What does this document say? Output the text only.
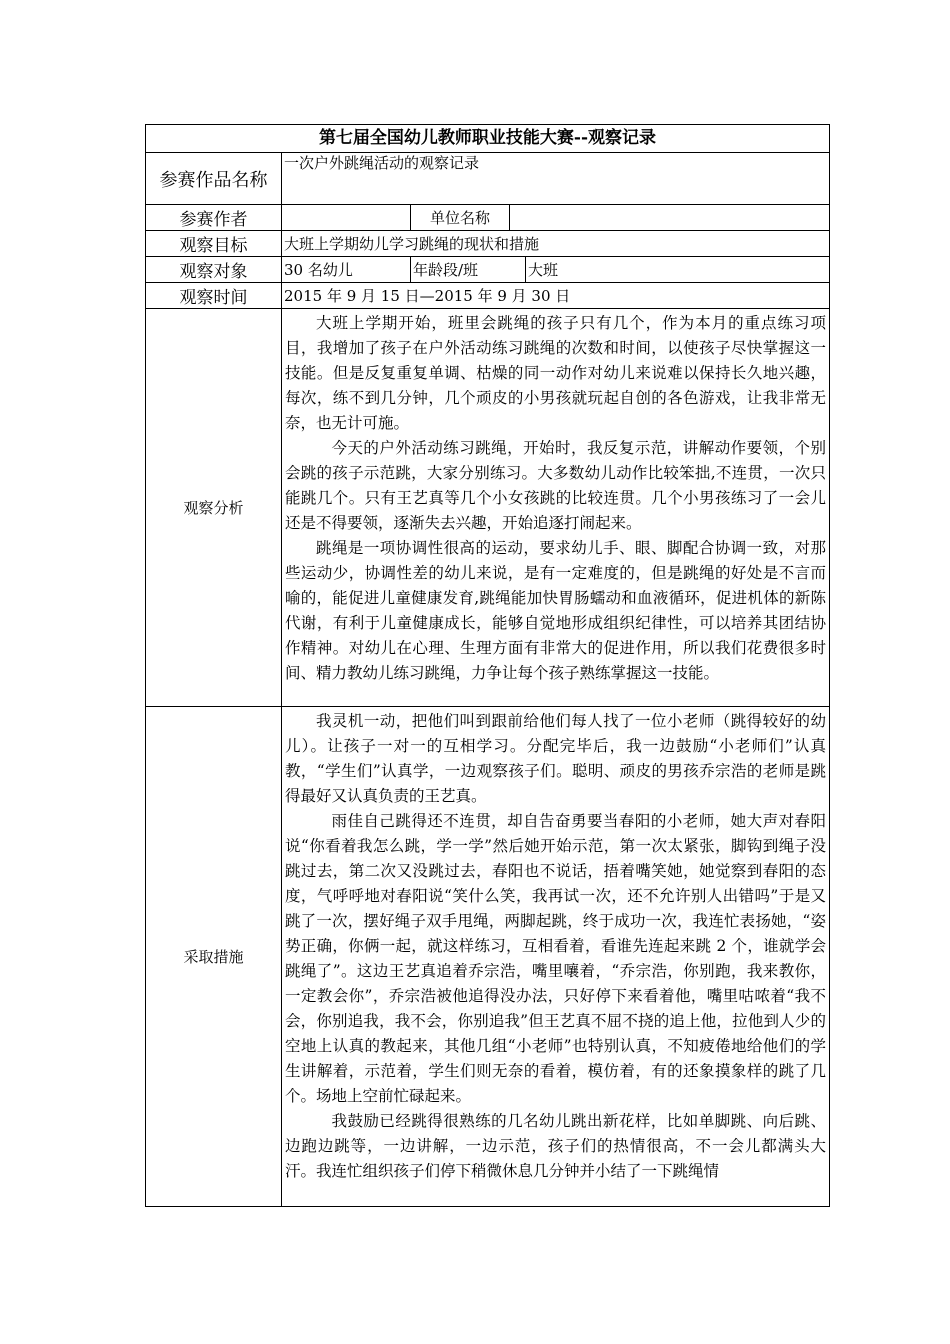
第七届全国幼儿教师职业技能大赛--观察记录				
参赛作品名称	一次户外跳绳活动的观察记录			
参赛作者		单位名称		
观察目标	大班上学期幼儿学习跳绳的现状和措施			
观察对象	30 名幼儿	年龄段/班		大班
观察时间	2015 年 9 月 15 日—2015 年 9 月 30 日			
观察分析	大班上学期开始，班里会跳绳的孩子只有几个，作为本月的重点练习项目，我增加了孩子在户外活动练习跳绳的次数和时间，以使孩子尽快掌握这一技能。但是反复重复单调、枯燥的同一动作对幼儿来说难以保持长久地兴趣，每次，练不到几分钟，几个顽皮的小男孩就玩起自创的各色游戏，让我非常无奈，也无计可施。

今天的户外活动练习跳绳，开始时，我反复示范，讲解动作要领，个别会跳的孩子示范跳，大家分别练习。大多数幼儿动作比较笨拙,不连贯，一次只能跳几个。只有王艺真等几个小女孩跳的比较连贯。几个小男孩练习了一会儿还是不得要领，逐渐失去兴趣，开始追逐打闹起来。

跳绳是一项协调性很高的运动，要求幼儿手、眼、脚配合协调一致，对那些运动少，协调性差的幼儿来说，是有一定难度的，但是跳绳的好处是不言而喻的，能促进儿童健康发育,跳绳能加快胃肠蠕动和血液循环，促进机体的新陈代谢，有利于儿童健康成长，能够自觉地形成组织纪律性，可以培养其团结协作精神。对幼儿在心理、生理方面有非常大的促进作用，所以我们花费很多时间、精力教幼儿练习跳绳，力争让每个孩子熟练掌握这一技能。			

采取措施	我灵机一动，把他们叫到跟前给他们每人找了一位小老师（跳得较好的幼儿）。让孩子一对一的互相学习。分配完毕后，我一边鼓励“小老师们”认真教，“学生们”认真学，一边观察孩子们。聪明、顽皮的男孩乔宗浩的老师是跳得最好又认真负责的王艺真。

雨佳自己跳得还不连贯，却自告奋勇要当春阳的小老师，她大声对春阳说“你看着我怎么跳，学一学”然后她开始示范，第一次太紧张，脚钩到绳子没跳过去，第二次又没跳过去，春阳也不说话，捂着嘴笑她，她觉察到春阳的态度，气呼呼地对春阳说“笑什么笑，我再试一次，还不允许别人出错吗”于是又跳了一次，摆好绳子双手甩绳，两脚起跳，终于成功一次，我连忙表扬她，“姿势正确，你俩一起，就这样练习，互相看着，看谁先连起来跳 2 个，谁就学会跳绳了”。这边王艺真追着乔宗浩，嘴里嚷着，“乔宗浩，你别跑，我来教你，一定教会你”，乔宗浩被他追得没办法，只好停下来看着他，嘴里咕哝着“我不会，你别追我，我不会，你别追我”但王艺真不屈不挠的追上他，拉他到人少的空地上认真的教起来，其他几组“小老师”也特别认真，不知疲倦地给他们的学生讲解着，示范着，学生们则无奈的看着，模仿着，有的还象摸象样的跳了几个。场地上空前忙碌起来。

我鼓励已经跳得很熟练的几名幼儿跳出新花样，比如单脚跳、向后跳、边跑边跳等，一边讲解，一边示范，孩子们的热情很高，不一会儿都满头大汗。我连忙组织孩子们停下稍微休息几分钟并小结了一下跳绳情			
